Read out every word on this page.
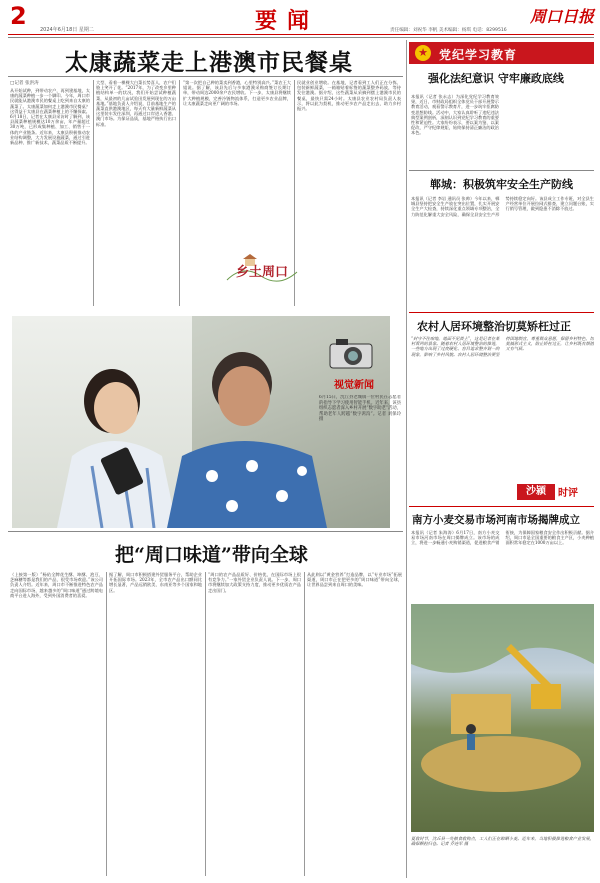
2	2024年6月18日 星期二	要闻	责任编辑：刘祝华 李帆 美术编辑：杨琪 电话：8299516
周口日报
太康蔬菜走上港澳市民餐桌
□记者 张洪涛
从开始试种，到带动农户，再到建基地，太康的蔬菜种植一步一个脚印。今年，周口市民就能从港澳市民的餐桌上吃到来自太康的蔬菜了。太康蔬菜如何走上港澳市民餐桌？这得益于太康县在蔬菜种植上的不懈探索。6月18日，记者在太康县采访时了解到，该县蔬菜种植规模达10万余亩，年产量超过30万吨，已形成集种植、加工、销售于一体的产业链条。近年来，太康县积极推动农业结构调整，大力发展设施蔬菜，通过引进新品种、推广新技术，蔬菜品质不断提升。
大型、看着一棵棵大白菜长势喜人，农户们脸上笑开了花。“2017年，为了改变乡里种植结构单一的状况，我们开始尝试种植蔬菜，从最初的几亩试验田发展到现在的万亩基地。”基地负责人介绍说，目前基地生产的蔬菜直供港澳地区，每天有大量新鲜蔬菜从这里装车发往深圳，再通过口岸进入香港、澳门市场。为保证品质，基地严格执行出口标准。
“第一次把自己种的菜卖到香港，心里特别高兴。”菜农王大姐说。据了解，该县先后与多家港澳采购商签订长期订单，带动周边2000余户农民增收。下一步，太康县将继续扩大种植规模，完善冷链物流体系，打造更多农业品牌，让太康蔬菜走向更广阔的市场。
民就业创业增收。在基地，记者看到工人们正在分拣、包装新鲜蔬菜，一箱箱贴着标签的蔬菜整齐码放，等待发往港澳。据介绍，这些蔬菜从采摘到摆上港澳市民的餐桌，最快只需24小时。太康县农业农村局负责人表示，将以此为契机，推动更多农产品走出去，助力乡村振兴。
乡土周口
视觉新闻
6月15日，沈丘县老城镇一位村民在志愿者的指导下学习使用智能手机。近年来，该县组织志愿者深入乡村开展“数字助老”活动，帮助老年人跨越“数字鸿沟”。记者 刘保玲 摄
把“周口味道”带向全球
（上接第一版）“杨佑全牌花生酥、坤酥、泡豆、芝麻糖等都是我们的产品，很受市场欢迎。”该公司负责人介绍。近年来，周口市不断推进特色农产品走向国际市场，越来越多的“周口味道”通过跨境电商平台进入海外，受到外国消费者的喜爱。
据了解，周口市积极搭建外贸服务平台，帮助企业开拓国际市场。2023年，全市农产品出口额同比增长显著，产品远销欧美、东南亚等多个国家和地区。
“周口的农产品品质好、价格优，在国际市场上很有竞争力。”一家外贸企业负责人说。下一步，周口市将继续加大政策支持力度，推动更多优质农产品走出国门。
从此则以“黄金营养”打造品牌，以“专业市场”拓展渠道，周口市正在把更多的“周口味道”带向全球，让世界品尝到来自周口的美味。
★ 党纪学习教育
强化法纪意识 守牢廉政底线
本报讯（记者 张永志）为深化党纪学习教育效果，近日，市财政局组织全体党员干部开展警示教育活动，观看警示教育片，进一步筑牢拒腐防变思想防线。活动中，大家认真聆听了违纪违法典型案例剖析，深刻认识到党纪学习教育的重要性和紧迫性。大家纷纷表示，要以案为鉴、以案促改，严守纪律规矩，始终保持清正廉洁的政治本色。
郸城：积极筑牢安全生产防线
本报讯（记者 李岩 通讯员 张帅）今年以来，郸城县坚持把安全生产放在突出位置，扎实开展安全生产大检查，持续深化重点领域专项整治，全力防范化解重大安全风险，确保全县安全生产形势持续稳定向好。该县成立工作专班，对全县生产经营单位开展拉网式排查，建立问题台账，实行销号管理，做到隐患不消除不放过。
农村人居环境整治切莫矫枉过正
“封守不住咱地，地面不见黄土”，这是记者在某村看到的景象。随着农村人居环境整治的推进，一些地方出现了过度硬化、盲目追求整齐划一的现象，影响了乡村风貌。农村人居环境整治要坚持因地制宜，尊重群众意愿，保留乡村特色，切莫搞形式主义，防止矫枉过正，让乡村既有颜值又有气质。
沙颍	时评
南方小麦交易市场河南市场揭牌成立
本报讯（记者 朱海涛）6月17日，南方小麦交易市场河南市场在周口揭牌成立。该市场的成立，将进一步畅通小麦购销渠道，促进粮食产销衔接，为保障国家粮食安全作出积极贡献。据介绍，周口市是全国重要的粮食主产区，小麦种植面积常年稳定在1000万亩以上。
夏收时节，沈丘县一处粮食收购点，工人们正在晾晒小麦。近年来，当地积极推进粮食产业发展，确保颗粒归仓。记者 乔连军 摄
